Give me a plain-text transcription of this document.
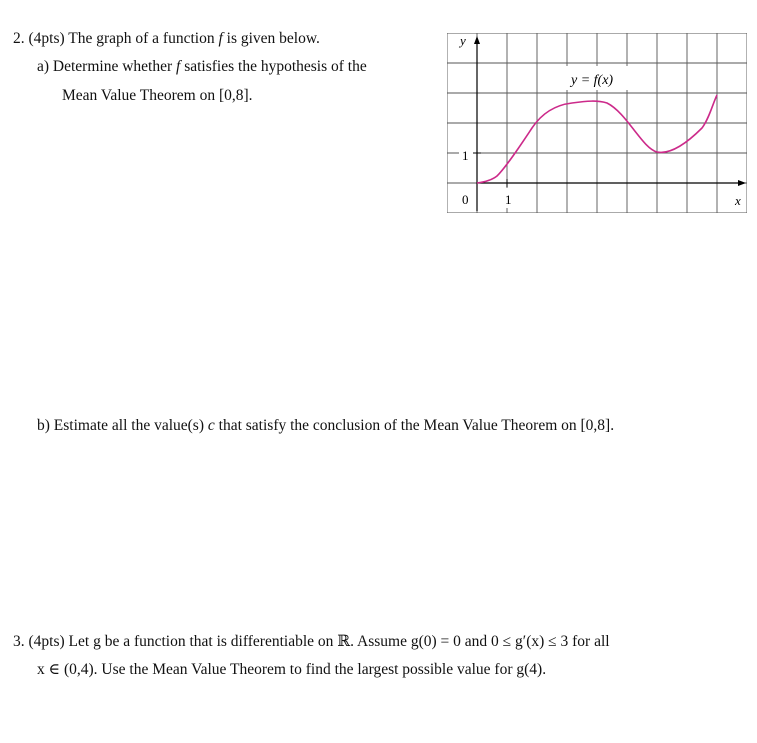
2. (4pts) The graph of a function f is given below.
a) Determine whether f satisfies the hypothesis of the
Mean Value Theorem on [0,8].
y
1
0	1	x
y = f(x)
b) Estimate all the value(s) c that satisfy the conclusion of the Mean Value Theorem on [0,8].
3. (4pts) Let g be a function that is differentiable on ℝ. Assume g(0) = 0 and 0 ≤ g′(x) ≤ 3 for all
x ∈ (0,4). Use the Mean Value Theorem to find the largest possible value for g(4).
